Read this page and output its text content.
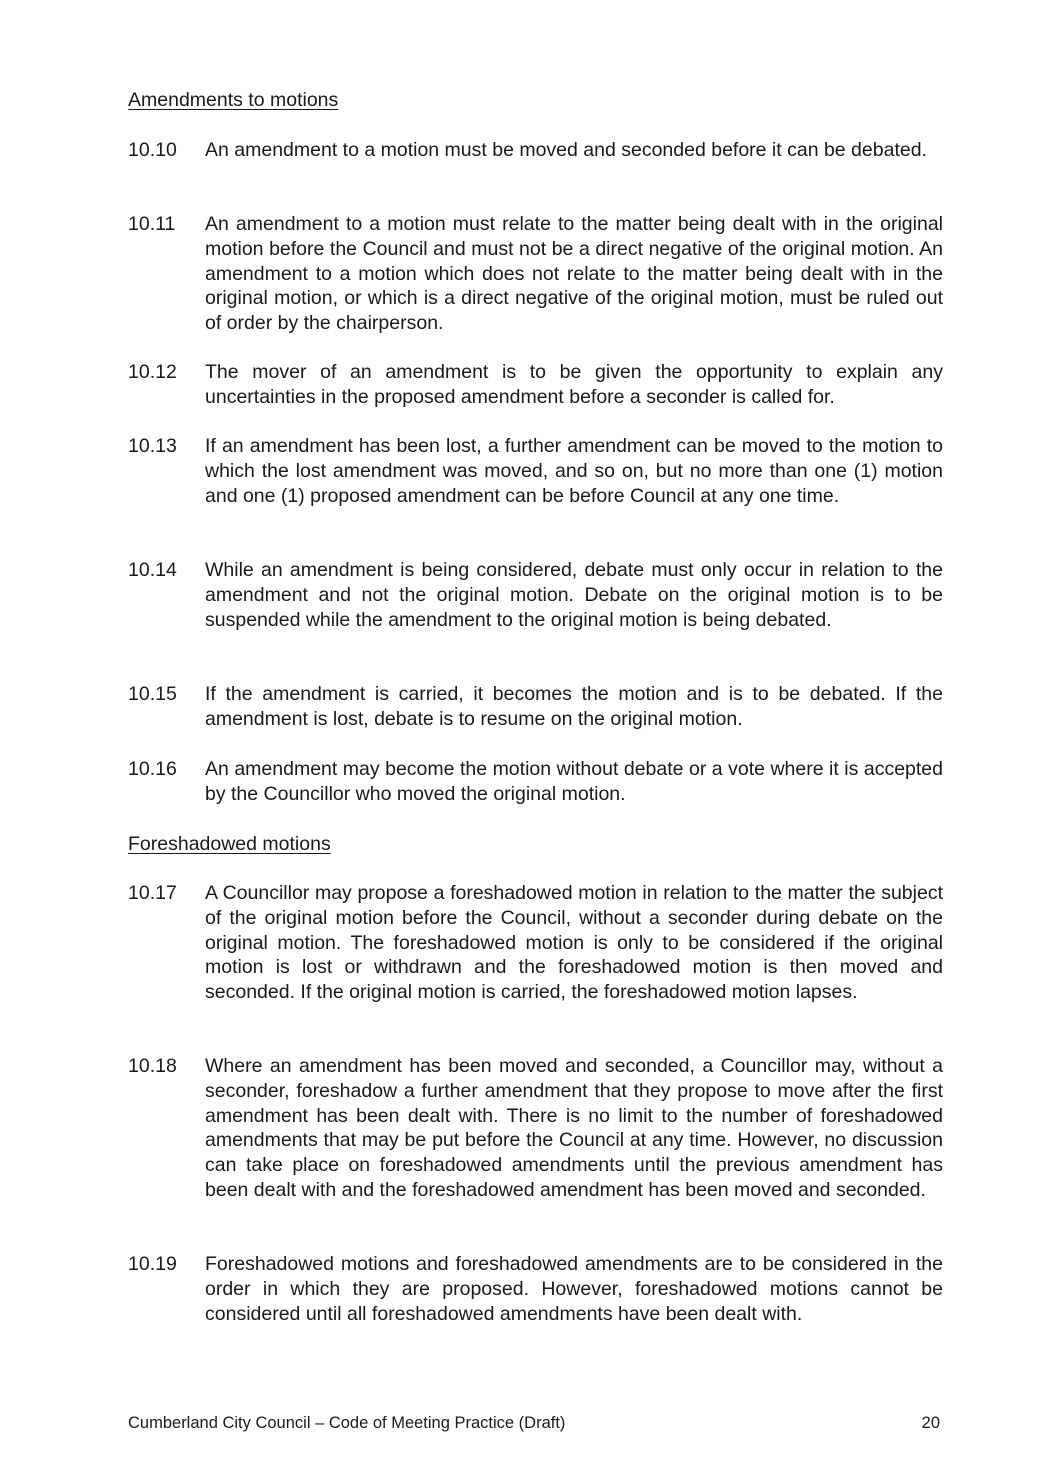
Amendments to motions
10.10 An amendment to a motion must be moved and seconded before it can be debated.

10.11 An amendment to a motion must relate to the matter being dealt with in the original motion before the Council and must not be a direct negative of the original motion. An amendment to a motion which does not relate to the matter being dealt with in the original motion, or which is a direct negative of the original motion, must be ruled out of order by the chairperson.

10.12 The mover of an amendment is to be given the opportunity to explain any uncertainties in the proposed amendment before a seconder is called for.

10.13 If an amendment has been lost, a further amendment can be moved to the motion to which the lost amendment was moved, and so on, but no more than one (1) motion and one (1) proposed amendment can be before Council at any one time.

10.14 While an amendment is being considered, debate must only occur in relation to the amendment and not the original motion. Debate on the original motion is to be suspended while the amendment to the original motion is being debated.

10.15 If the amendment is carried, it becomes the motion and is to be debated. If the amendment is lost, debate is to resume on the original motion.

10.16 An amendment may become the motion without debate or a vote where it is accepted by the Councillor who moved the original motion.

Foreshadowed motions
10.17 A Councillor may propose a foreshadowed motion in relation to the matter the subject of the original motion before the Council, without a seconder during debate on the original motion. The foreshadowed motion is only to be considered if the original motion is lost or withdrawn and the foreshadowed motion is then moved and seconded. If the original motion is carried, the foreshadowed motion lapses.

10.18 Where an amendment has been moved and seconded, a Councillor may, without a seconder, foreshadow a further amendment that they propose to move after the first amendment has been dealt with. There is no limit to the number of foreshadowed amendments that may be put before the Council at any time. However, no discussion can take place on foreshadowed amendments until the previous amendment has been dealt with and the foreshadowed amendment has been moved and seconded.

10.19 Foreshadowed motions and foreshadowed amendments are to be considered in the order in which they are proposed. However, foreshadowed motions cannot be considered until all foreshadowed amendments have been dealt with.

Cumberland City Council – Code of Meeting Practice (Draft)	20
